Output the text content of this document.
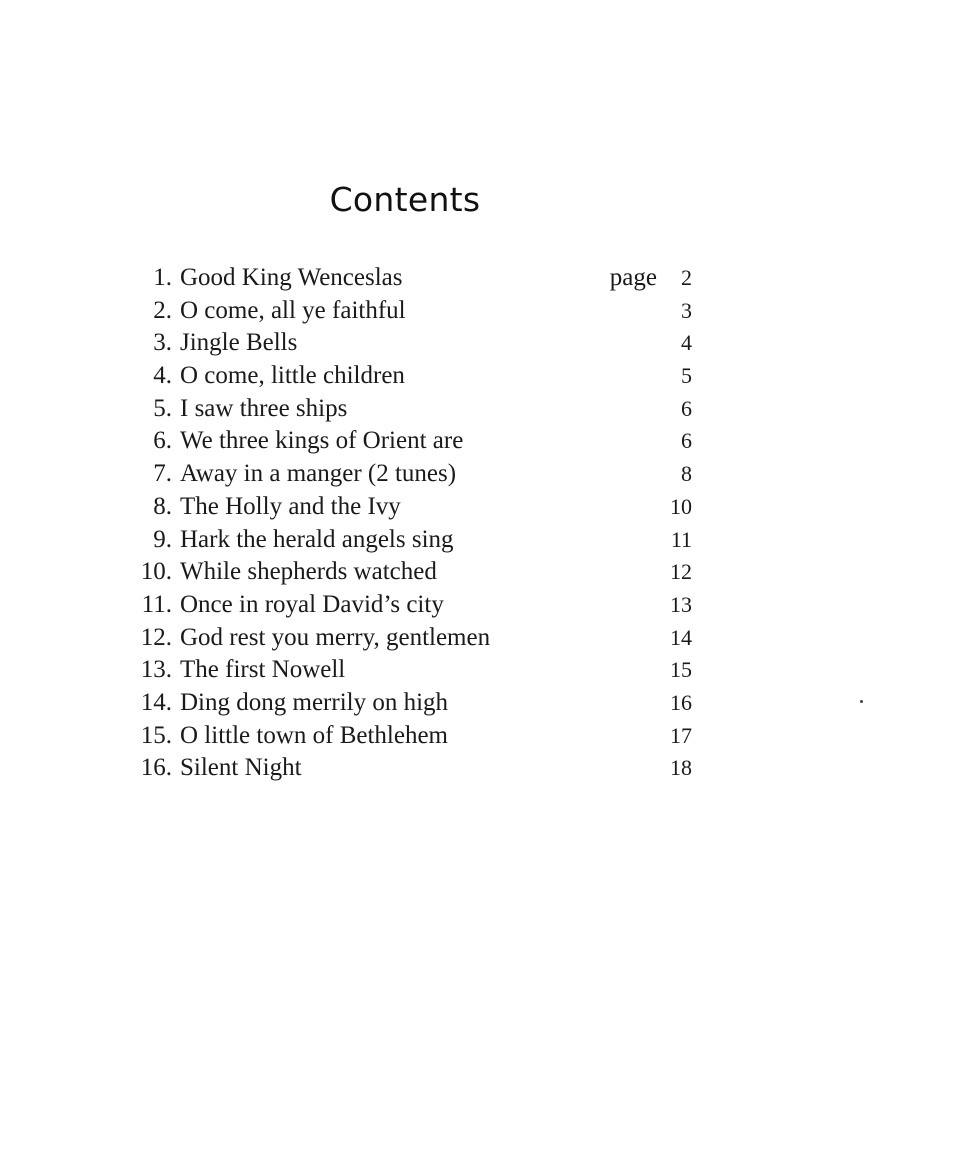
Contents
1. Good King Wenceslas	page 2
2. O come, all ye faithful	3
3. Jingle Bells	4
4. O come, little children	5
5. I saw three ships	6
6. We three kings of Orient are	6
7. Away in a manger (2 tunes)	8
8. The Holly and the Ivy	10
9. Hark the herald angels sing	11
10. While shepherds watched	12
11. Once in royal David’s city	13
12. God rest you merry, gentlemen	14
13. The first Nowell	15
14. Ding dong merrily on high	16
15. O little town of Bethlehem	17
16. Silent Night	18
